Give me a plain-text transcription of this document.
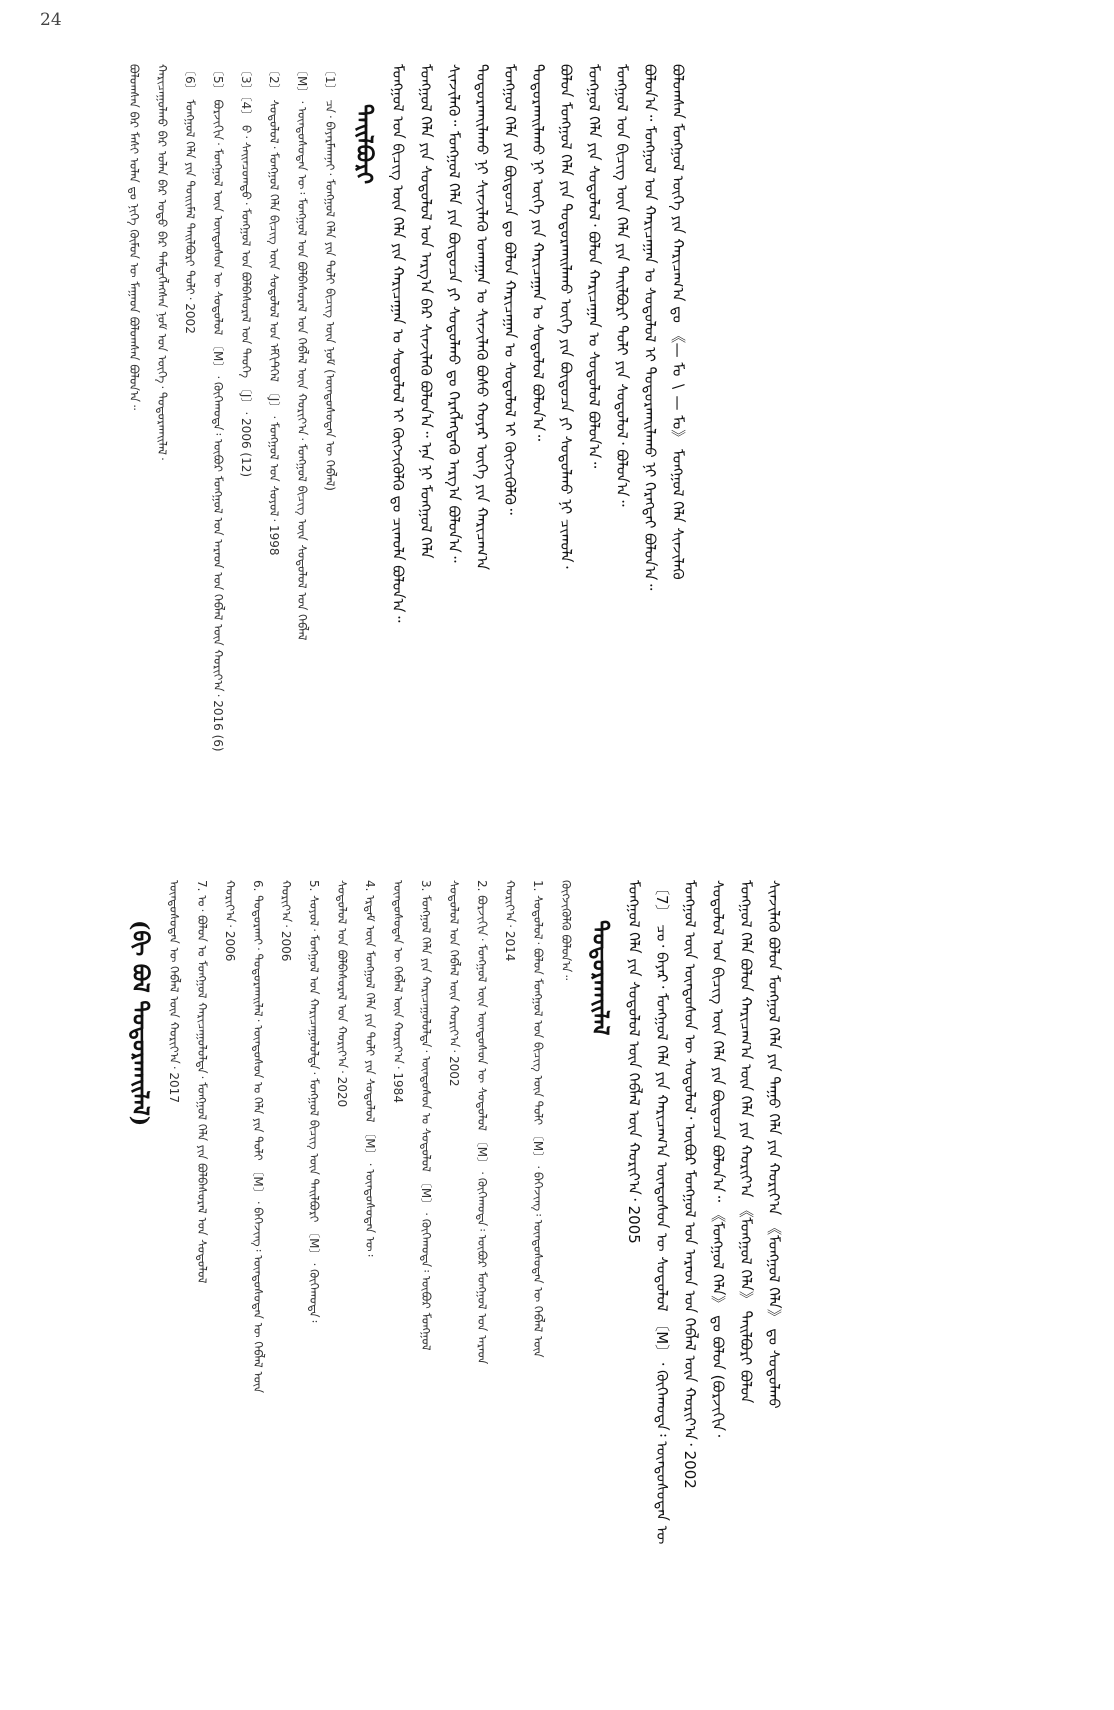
24
ᠪᠣᠯᠤᠭᠰᠠᠨ ᠪᠡᠷ ᠮᠠᠰᠢ ᠣᠯᠠᠨ ᠳᠤ ᠨᠢᠭᠡ ᠬᠦᠮᠦᠨ ᠦ ᠮᠠᠭᠠᠳ ᠪᠣᠯᠤᠭᠰᠠᠨ ᠪᠣᠯᠤᠨ᠎ᠠ᠃	ᠬᠠᠷᠢᠴᠠᠭᠤᠯᠬᠤ ᠪᠡᠷ ᠣᠯᠠᠨ ᠪᠠᠷ ᠣᠳᠣ ᠪᠠᠷ ᠲᠡᠮᠳᠡᠭᠯᠡᠭᠰᠡᠨ ᠨᠣᠮ ᠤᠨ ᠦᠭᠡ᠂ ᠲᠣᠳᠣᠷᠬᠠᠢᠯᠠᠯ᠂	〔6〕 ᠮᠣᠩᠭᠣᠯ ᠬᠡᠯᠡ ᠶᠢᠨ ᠲᠣᠢᠢᠮᠠᠯ ᠲᠠᠢᠯᠪᠤᠷᠢ ᠲᠣᠯᠢ᠂ 2002	〔5〕 ᠪᠣᠷᠵᠢᠭᠢᠨ᠂ ᠮᠣᠩᠭᠣᠯ ᠦᠨ ᠦᠨᠳᠦᠰᠦᠨ ᠦ ᠰᠤᠳᠤᠯᠤᠯ 〔M〕᠂ ᠬᠥᠬᠡᠬᠣᠲᠠ᠄ ᠥᠪᠥᠷ ᠮᠣᠩᠭᠣᠯ ᠤᠨ ᠠᠷᠠᠳ ᠤᠨ ᠬᠡᠪᠯᠡᠯ ᠦᠨ ᠬᠣᠷᠢᠶ᠎ᠠ᠂ 2016 (6)	〔3〕〔4〕 ᠪ᠂ ᠰᠠᠢᠨᠴᠣᠭᠲᠤ᠂ ᠮᠣᠩᠭᠣᠯ ᠤᠨ ᠪᠣᠯᠪᠠᠰᠤᠷᠠᠯ ᠤᠨ ᠲᠡᠦᠬᠡ 〔J〕᠂ 2006 (12)	〔2〕 ᠰᠤᠳᠤᠯᠤᠯ᠂ ᠮᠣᠩᠭᠣᠯ ᠬᠡᠯᠡ ᠪᠢᠴᠢᠭ ᠦᠨ ᠰᠤᠳᠤᠯᠤᠯ ᠤᠨ ᠡᠮᠬᠢᠲᠭᠡᠯ 〔J〕᠂ ᠮᠣᠩᠭᠣᠯ ᠤᠨ ᠰᠣᠶᠤᠯ᠂ 1998	〔M〕᠂ ᠦᠨᠳᠦᠰᠦᠲᠡᠨ ᠦ᠄ ᠮᠣᠩᠭᠣᠯ ᠤᠨ ᠪᠣᠯᠪᠠᠰᠤᠷᠠᠯ ᠤᠨ ᠬᠡᠪᠯᠡᠯ ᠦᠨ ᠬᠣᠷᠢᠶ᠎ᠠ᠂ ᠮᠣᠩᠭᠣᠯ ᠪᠢᠴᠢᠭ ᠦᠨ ᠰᠤᠳᠤᠯᠤᠯ ᠤᠨ ᠬᠡᠪᠯᠡᠯ	〔1〕 ᠴᠠ᠂ ᠪᠠᠶᠠᠷᠮᠠᠭᠨᠠᠢ᠂ ᠮᠣᠩᠭᠣᠯ ᠬᠡᠯᠡ ᠶᠢᠨ ᠲᠣᠯᠢ ᠪᠢᠴᠢᠭ ᠦᠨ ᠨᠣᠮ (ᠦᠨᠳᠦᠰᠦᠲᠡᠨ ᠦ ᠬᠡᠪᠯᠡᠯ) ᠲᠠᠢᠯᠪᠤᠷᠢ ᠮᠣᠩᠭᠣᠯ ᠤᠨ ᠪᠢᠴᠢᠭ ᠦᠨ ᠬᠡᠯᠡ ᠶᠢᠨ ᠬᠠᠷᠢᠴᠠᠭᠠᠨ ᠤ ᠰᠤᠳᠤᠯᠤᠯ ᠢ ᠬᠥᠭᠵᠢᠭᠦᠯᠬᠦ ᠳᠤ ᠴᠢᠬᠤᠯᠠ ᠪᠣᠯᠤᠨ᠎ᠠ᠃ ᠮᠣᠩᠭᠣᠯ ᠬᠡᠯᠡ ᠶᠢᠨ ᠰᠤᠳᠤᠯᠤᠯ ᠤᠨ ᠠᠷᠭ᠎ᠠ ᠪᠠᠷ ᠰᠢᠨᠵᠢᠯᠡᠬᠦ ᠪᠣᠯᠤᠨ᠎ᠠ᠃ ᠡᠨᠡ ᠨᠢ ᠮᠣᠩᠭᠣᠯ ᠬᠡᠯᠡ ᠰᠢᠨᠵᠢᠯᠡᠬᠦ᠃ ᠮᠣᠩᠭᠣᠯ ᠬᠡᠯᠡ ᠶᠢᠨ ᠪᠦᠲᠦᠴᠡ ᠶᠢ ᠰᠤᠳᠤᠯᠬᠤ ᠳᠤ ᠬᠡᠷᠡᠭᠯᠡᠭᠳᠡᠬᠦ ᠠᠷᠭ᠎ᠠ ᠪᠣᠯᠤᠨ᠎ᠠ᠃ ᠲᠣᠳᠣᠷᠬᠠᠢᠯᠠᠬᠤ ᠨᠢ ᠰᠢᠨᠵᠢᠯᠡᠬᠦ ᠤᠬᠠᠭᠠᠨ ᠤ ᠰᠢᠨᠵᠢᠯᠡᠬᠦ ᠪᠤᠰᠤ ᠬᠣᠶᠠᠷ ᠦᠭᠡ ᠶᠢᠨ ᠬᠠᠷᠢᠴᠠᠭ᠎ᠠ ᠮᠣᠩᠭᠣᠯ ᠬᠡᠯᠡ ᠶᠢᠨ ᠪᠦᠲᠦᠴᠡ ᠳᠤ ᠪᠣᠯᠤᠨ ᠬᠠᠷᠢᠴᠠᠭᠠᠨ ᠤ ᠰᠤᠳᠤᠯᠤᠯ ᠢ ᠬᠥᠭᠵᠢᠭᠦᠯᠬᠦ᠃ ᠲᠣᠳᠣᠷᠬᠠᠢᠯᠠᠬᠤ ᠨᠢ ᠦᠭᠡ ᠶᠢᠨ ᠬᠠᠷᠢᠴᠠᠭᠠᠨ ᠤ ᠰᠤᠳᠤᠯᠤᠯ ᠪᠣᠯᠤᠨ᠎ᠠ᠃ ᠪᠣᠯᠤᠨ ᠮᠣᠩᠭᠣᠯ ᠬᠡᠯᠡ ᠶᠢᠨ ᠲᠣᠳᠣᠷᠬᠠᠢᠯᠠᠬᠤ ᠦᠭᠡ ᠶᠢᠨ ᠪᠦᠲᠦᠴᠡ ᠶᠢ ᠰᠤᠳᠤᠯᠬᠤ ᠨᠢ ᠴᠢᠬᠤᠯᠠ᠂ ᠮᠣᠩᠭᠣᠯ ᠬᠡᠯᠡ ᠶᠢᠨ ᠰᠤᠳᠤᠯᠤᠯ᠂ ᠪᠣᠯᠤᠨ ᠬᠠᠷᠢᠴᠠᠭᠠᠨ ᠤ ᠰᠤᠳᠤᠯᠤᠯ ᠪᠣᠯᠤᠨ᠎ᠠ᠃ ᠮᠣᠩᠭᠣᠯ ᠤᠨ ᠪᠢᠴᠢᠭ ᠦᠨ ᠬᠡᠯᠡ ᠶᠢᠨ ᠲᠠᠢᠯᠪᠤᠷᠢ ᠲᠣᠯᠢ ᠶᠢᠨ ᠰᠤᠳᠤᠯᠤᠯ᠂ ᠪᠣᠯᠤᠨ᠎ᠠ᠃ ᠪᠣᠯᠤᠨ᠎ᠠ᠃ ᠮᠣᠩᠭᠣᠯ ᠤᠨ ᠬᠠᠷᠢᠴᠠᠭᠠᠨ ᠤ ᠰᠤᠳᠤᠯᠤᠯ ᠢ ᠲᠣᠳᠣᠷᠬᠠᠢᠯᠠᠬᠤ ᠨᠢ ᠬᠡᠷᠡᠭᠲᠡᠢ ᠪᠣᠯᠤᠨ᠎ᠠ᠃ ᠪᠣᠯᠤᠭᠰᠠᠨ ᠮᠣᠩᠭᠣᠯ ᠦᠭᠡ ᠶᠢᠨ ᠬᠠᠷᠢᠴᠠᠭ᠎ᠠ ᠳᠤ 《— ᠮᠣ ∖ — ᠮᠣ》 ᠮᠣᠩᠭᠣᠯ ᠬᠡᠯᠡ ᠰᠢᠨᠵᠢᠯᠡᠬᠦ
(ᠪᠢ ᠪᠣᠯ ᠲᠣᠳᠣᠷᠬᠠᠢᠯᠠᠯ)	ᠦᠨᠳᠦᠰᠦᠲᠡᠨ ᠦ ᠬᠡᠪᠯᠡᠯ ᠦᠨ ᠬᠣᠷᠢᠶ᠎ᠠ᠂ 2017	7. ᠣ᠂ ᠪᠣᠯᠤᠨ ᠤ ᠮᠣᠩᠭᠣᠯ ᠬᠠᠷᠢᠴᠠᠭᠤᠯᠤᠯᠲᠠ᠂ ᠮᠣᠩᠭᠣᠯ ᠬᠡᠯᠡ ᠶᠢᠨ ᠪᠣᠯᠪᠠᠰᠤᠷᠠᠯ ᠤᠨ ᠰᠤᠳᠤᠯᠤᠯ	ᠬᠣᠷᠢᠶ᠎ᠠ᠂ 2006	6. ᠲᠣᠳᠣᠷᠬᠠᠢ᠂ ᠲᠣᠳᠣᠷᠬᠠᠢᠯᠠᠯ᠂ ᠦᠨᠳᠦᠰᠦᠨ ᠤ ᠬᠡᠯᠡ ᠶᠢᠨ ᠲᠣᠯᠢ 〔M〕᠂ ᠪᠡᠭᠡᠵᠢᠩ᠄ ᠦᠨᠳᠦᠰᠦᠲᠡᠨ ᠦ ᠬᠡᠪᠯᠡᠯ ᠦᠨ	ᠬᠣᠷᠢᠶ᠎ᠠ᠂ 2006	5. ᠰᠣᠶᠤᠯ᠂ ᠮᠣᠩᠭᠣᠯ ᠤᠨ ᠬᠠᠷᠢᠴᠠᠭᠤᠯᠤᠯᠲᠠ᠂ ᠮᠣᠩᠭᠣᠯ ᠪᠢᠴᠢᠭ ᠦᠨ ᠲᠠᠢᠯᠪᠤᠷᠢ 〔M〕᠂ ᠬᠥᠬᠡᠬᠣᠲᠠ᠄	ᠰᠤᠳᠤᠯᠤᠯ ᠤᠨ ᠪᠣᠯᠪᠠᠰᠤᠷᠠᠯ ᠤᠨ ᠬᠣᠷᠢᠶ᠎ᠠ᠂ 2020	4. ᠡᠷᠳᠡᠮ ᠦᠨ ᠮᠣᠩᠭᠣᠯ ᠬᠡᠯᠡ ᠶᠢᠨ ᠲᠣᠯᠢ ᠶᠢᠨ ᠰᠤᠳᠤᠯᠤᠯ 〔M〕᠂ ᠦᠨᠳᠦᠰᠦᠲᠡᠨ ᠦ᠄	ᠦᠨᠳᠦᠰᠦᠲᠡᠨ ᠦ ᠬᠡᠪᠯᠡᠯ ᠦᠨ ᠬᠣᠷᠢᠶ᠎ᠠ᠂ 1984	3. ᠮᠣᠩᠭᠣᠯ ᠬᠡᠯᠡ ᠶᠢᠨ ᠬᠠᠷᠢᠴᠠᠭᠤᠯᠤᠯᠲᠠ᠂ ᠦᠨᠳᠦᠰᠦᠨ ᠤ ᠰᠤᠳᠤᠯᠤᠯ 〔M〕᠂ ᠬᠥᠬᠡᠬᠣᠲᠠ᠄ ᠥᠪᠥᠷ ᠮᠣᠩᠭᠣᠯ	ᠰᠤᠳᠤᠯᠤᠯ ᠤᠨ ᠬᠡᠪᠯᠡᠯ ᠦᠨ ᠬᠣᠷᠢᠶ᠎ᠠ᠂ 2002	2. ᠪᠣᠷᠵᠢᠭᠢᠨ᠂ ᠮᠣᠩᠭᠣᠯ ᠦᠨ ᠦᠨᠳᠦᠰᠦᠨ ᠦ ᠰᠤᠳᠤᠯᠤᠯ 〔M〕᠂ ᠬᠥᠬᠡᠬᠣᠲᠠ᠄ ᠥᠪᠥᠷ ᠮᠣᠩᠭᠣᠯ ᠤᠨ ᠠᠷᠠᠳ	ᠬᠣᠷᠢᠶ᠎ᠠ᠂ 2014	1. ᠰᠤᠳᠤᠯᠤᠯ᠂ ᠪᠣᠯᠤᠨ ᠮᠣᠩᠭᠣᠯ ᠤᠨ ᠪᠢᠴᠢᠭ ᠦᠨ ᠲᠣᠯᠢ 〔M〕᠂ ᠪᠡᠭᠡᠵᠢᠩ᠄ ᠦᠨᠳᠦᠰᠦᠲᠡᠨ ᠦ ᠬᠡᠪᠯᠡᠯ ᠦᠨ	ᠬᠥᠭᠵᠢᠭᠦᠯᠬᠦ ᠪᠣᠯᠤᠨ᠎ᠠ᠃ ᠲᠣᠳᠣᠷᠬᠠᠢᠯᠠᠯ ᠮᠣᠩᠭᠣᠯ ᠬᠡᠯᠡ ᠶᠢᠨ ᠰᠤᠳᠤᠯᠤᠯ ᠦᠨ ᠬᠡᠪᠯᠡᠯ ᠦᠨ ᠬᠣᠷᠢᠶ᠎ᠠ᠂ 2005 〔7〕 ᠴᠣ᠂ ᠪᠠᠶᠠᠷ᠂ ᠮᠣᠩᠭᠣᠯ ᠬᠡᠯᠡ ᠶᠢᠨ ᠬᠠᠷᠢᠴᠠᠭ᠎ᠠ ᠦᠨᠳᠦᠰᠦᠨ ᠦ ᠰᠤᠳᠤᠯᠤᠯ 〔M〕᠂ ᠬᠥᠬᠡᠬᠣᠲᠠ᠄ ᠦᠨᠳᠦᠰᠦᠲᠡᠨ ᠦ ᠮᠣᠩᠭᠣᠯ ᠦᠨ ᠦᠨᠳᠦᠰᠦᠨ ᠦ ᠰᠤᠳᠤᠯᠤᠯ᠂ ᠥᠪᠥᠷ ᠮᠣᠩᠭᠣᠯ ᠤᠨ ᠠᠷᠠᠳ ᠤᠨ ᠬᠡᠪᠯᠡᠯ ᠦᠨ ᠬᠣᠷᠢᠶ᠎ᠠ᠂ 2002 ᠰᠤᠳᠤᠯᠤᠯ ᠤᠨ ᠪᠢᠴᠢᠭ ᠦᠨ ᠬᠡᠯᠡ ᠶᠢᠨ ᠪᠦᠲᠦᠴᠡ ᠪᠣᠯᠤᠨ᠎ᠠ᠃ 《ᠮᠣᠩᠭᠣᠯ ᠬᠡᠯᠡ》 ᠳᠤ ᠪᠣᠯᠤᠨ (ᠪᠣᠷᠵᠢᠭᠢᠨ᠂ ᠮᠣᠩᠭᠣᠯ ᠬᠡᠯᠡ ᠪᠣᠯᠤᠨ ᠬᠠᠷᠢᠴᠠᠭ᠎ᠠ ᠦᠨ ᠬᠡᠯᠡ ᠶᠢᠨ ᠬᠣᠷᠢᠶ᠎ᠠ 《ᠮᠣᠩᠭᠣᠯ ᠬᠡᠯᠡ》 ᠲᠠᠢᠯᠪᠤᠷᠢ ᠪᠣᠯᠤᠨ ᠰᠢᠨᠵᠢᠯᠡᠬᠦ ᠪᠣᠯᠤᠨ ᠮᠣᠩᠭᠣᠯ ᠬᠡᠯᠡ ᠶᠢᠨ ᠳᠠᠭᠤ ᠬᠡᠯᠡ ᠶᠢᠨ ᠬᠣᠷᠢᠶ᠎ᠠ 《ᠮᠣᠩᠭᠣᠯ ᠬᠡᠯᠡ》 ᠳᠤ ᠰᠤᠳᠤᠯᠬᠤ
